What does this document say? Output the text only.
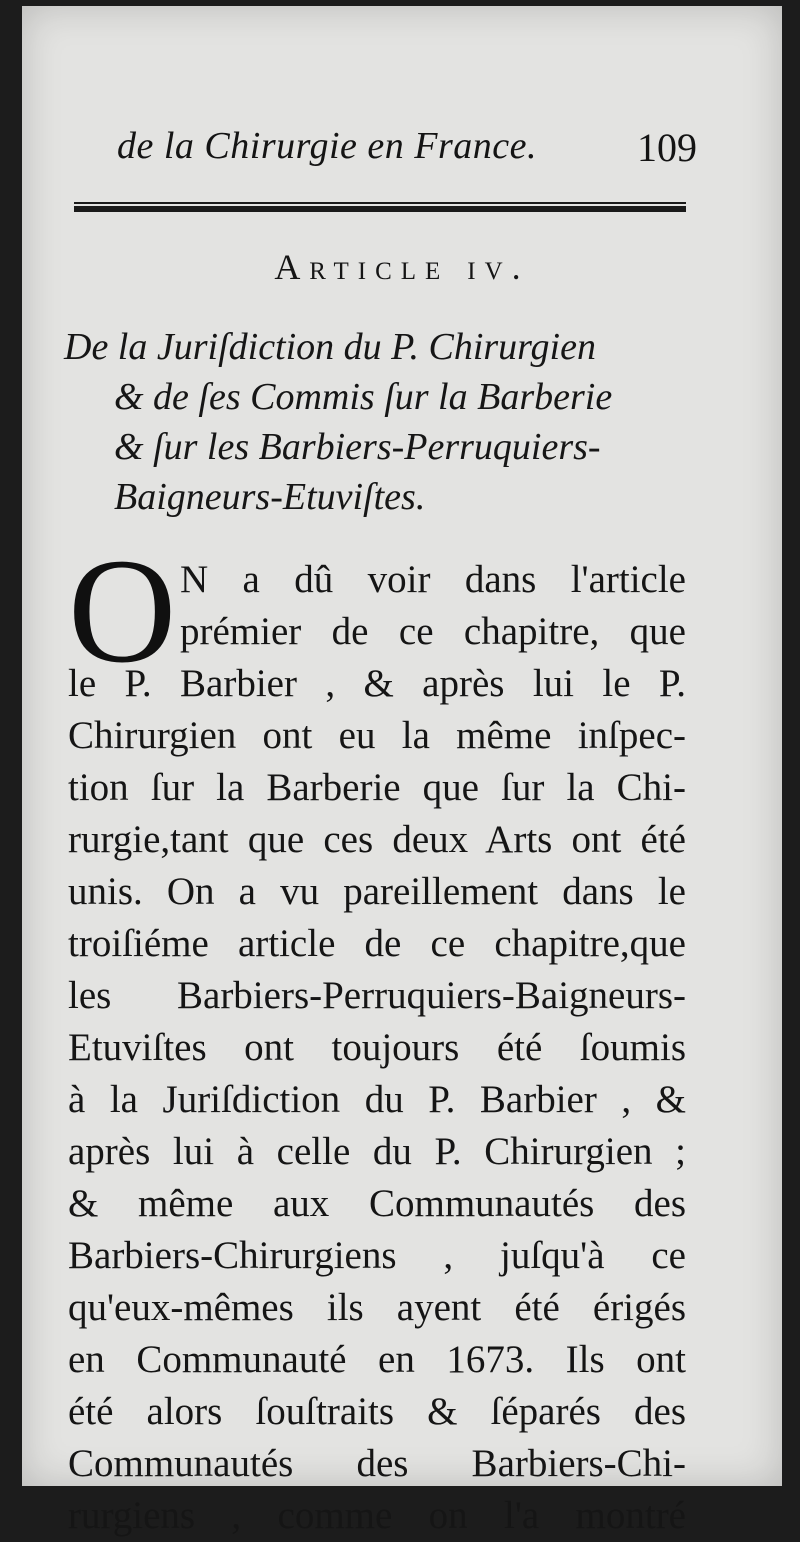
de la Chirurgie en France. 109
Article iv.
De la Juriſdiction du P. Chirurgien
& de ſes Commis ſur la Barberie
& ſur les Barbiers-Perruquiers-
Baigneurs-Etuviſtes.
O N a dû voir dans l'article
prémier de ce chapitre, que
le P. Barbier , & après lui le P.
Chirurgien ont eu la même inſpec-
tion ſur la Barberie que ſur la Chi-
rurgie,tant que ces deux Arts ont été
unis. On a vu pareillement dans le
troiſiéme article de ce chapitre,que
les Barbiers-Perruquiers-Baigneurs-
Etuviſtes ont toujours été ſoumis
à la Juriſdiction du P. Barbier , &
après lui à celle du P. Chirurgien ;
& même aux Communautés des
Barbiers-Chirurgiens , juſqu'à ce
qu'eux-mêmes ils ayent été érigés
en Communauté en 1673. Ils ont
été alors ſouſtraits & ſéparés des
Communautés des Barbiers-Chi-
rurgiens , comme on l'a montré
